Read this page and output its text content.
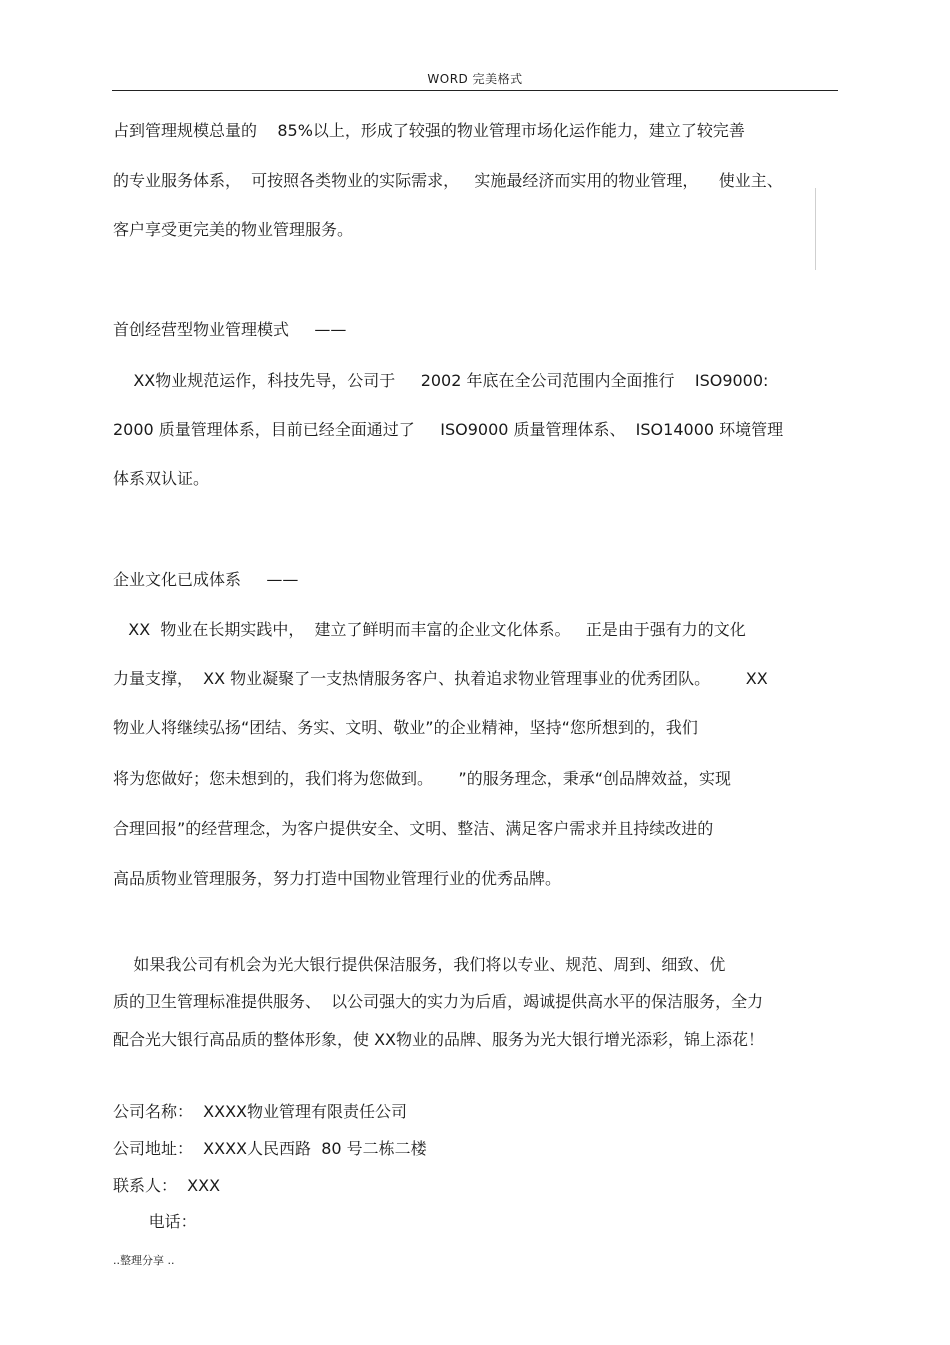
WORD 完美格式
占到管理规模总量的    85%以上，形成了较强的物业管理市场化运作能力，建立了较完善
的专业服务体系，  可按照各类物业的实际需求，   实施最经济而实用的物业管理，    使业主、
客户享受更完美的物业管理服务。
首创经营型物业管理模式     ——
XX物业规范运作，科技先导，公司于     2002 年底在全公司范围内全面推行    ISO9000:
2000 质量管理体系，目前已经全面通过了     ISO9000 质量管理体系、  ISO14000 环境管理
体系双认证。
企业文化已成体系     ——
XX  物业在长期实践中，  建立了鲜明而丰富的企业文化体系。   正是由于强有力的文化
力量支撑，  XX 物业凝聚了一支热情服务客户、执着追求物业管理事业的优秀团队。       XX
物业人将继续弘扬“团结、务实、文明、敬业”的企业精神，坚持“您所想到的，我们
将为您做好；您未想到的，我们将为您做到。     ”的服务理念，秉承“创品牌效益，实现
合理回报”的经营理念，为客户提供安全、文明、整洁、满足客户需求并且持续改进的
高品质物业管理服务，努力打造中国物业管理行业的优秀品牌。
如果我公司有机会为光大银行提供保洁服务，我们将以专业、规范、周到、细致、优
质的卫生管理标准提供服务、  以公司强大的实力为后盾，竭诚提供高水平的保洁服务，全力
配合光大银行高品质的整体形象，使 XX物业的品牌、服务为光大银行增光添彩，锦上添花！
公司名称：  XXXX物业管理有限责任公司
公司地址：  XXXX人民西路  80 号二栋二楼
联系人：  XXX
电话：
..整理分享 ..
